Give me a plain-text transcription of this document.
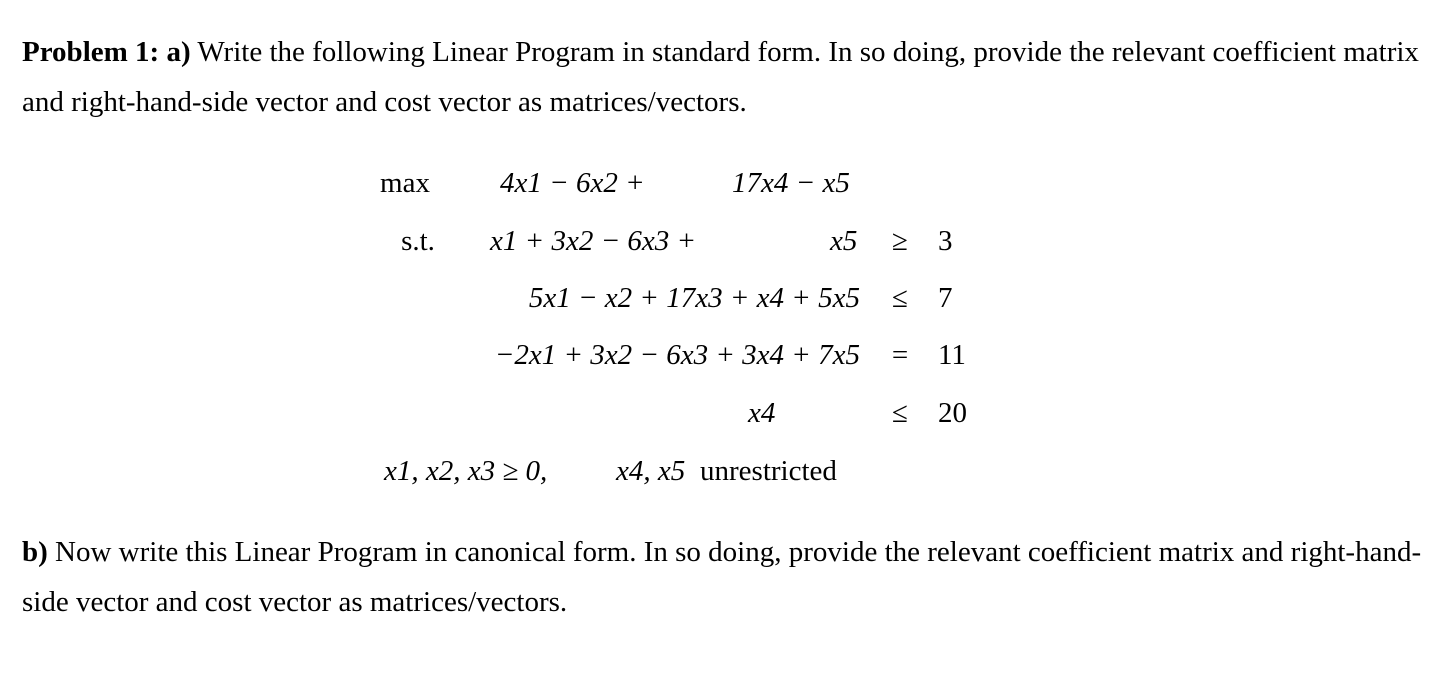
Problem 1: a) Write the following Linear Program in standard form. In so doing, provide the relevant coefficient matrix and right-hand-side vector and cost vector as matrices/vectors.
max	4x1 − 6x2 +	17x4 − x5
s.t.	x1 + 3x2 − 6x3 +	x5 ≥ 3
5x1 − x2 + 17x3 + x4 + 5x5 ≤ 7
−2x1 + 3x2 − 6x3 + 3x4 + 7x5 = 11
x4	≤ 20
x1, x2, x3 ≥ 0, x4, x5 unrestricted
b) Now write this Linear Program in canonical form. In so doing, provide the relevant coefficient matrix and right-hand-side vector and cost vector as matrices/vectors.
